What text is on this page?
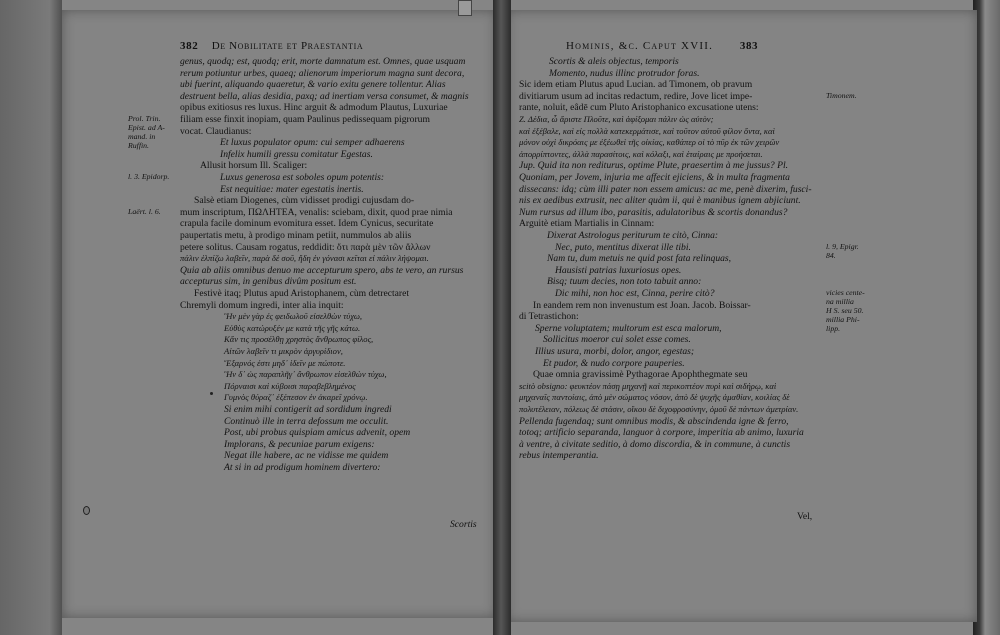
382 De Nobilitate et Praestantia	Hominis, &c. Caput XVII. 383
genus, quodq; est, quodq; erit, morte damnatum est. Omnes, quae usquam
rerum potiuntur urbes, quaeq; alienorum imperiorum magna sunt decora,
ubi fuerint, aliquando quaeretur, & vario exitu genere tollentur. Alias
destruent bella, alias desidia, paxq; ad inertiam versa consumet, & magnis
opibus exitiosus res luxus. Hinc arguit & admodum Plautus, Luxuriae
filiam esse finxit inopiam, quam Paulinus pedissequam pigrorum
vocat. Claudianus:
Et luxus populator opum: cui semper adhaerens
Infelix humili gressu comitatur Egestas.
Allusit horsum Ill. Scaliger:
Luxus generosa est soboles opum potentis:
Est nequitiae: mater egestatis inertis.
Salsè etiam Diogenes, cùm vidisset prodigi cujusdam do-
mum inscriptum, ΠΩΛΗΤΕΑ, venalis: sciebam, dixit, quod prae nimia
crapula facile dominum evomitura esset. Idem Cynicus, securitate
paupertatis metu, à prodigo minam petiit, nummulos ab aliis
petere solitus. Causam rogatus, reddidit: ὅτι παρὰ μὲν τῶν ἄλλων
πάλιν ἐλπίζω λαβεῖν, παρὰ δὲ σοῦ, ἤδη ἐν γόνασι κεῖται εἰ πάλιν λήψομαι.
Quia ab aliis omnibus denuo me accepturum spero, abs te vero, an rursus
accepturus sim, in genibus divûm positum est.
Festivè itaq; Plutus apud Aristophanem, cùm detrectaret
Chremyli domum ingredi, inter alia inquit:
Ἢν μὲν γὰρ ἐς φειδωλοῦ εἰσελθὼν τύχω,
Εὐθὺς κατώρυξέν με κατὰ τῆς γῆς κάτω.
Κἄν τις προσέλθῃ χρηστὸς ἄνθρωπος φίλος,
Αἰτῶν λαβεῖν τι μικρὸν ἀργυρίδιον,
Ἔξαρνός ἐστι μηδ᾽ ἰδεῖν με πώποτε.
Ἢν δ᾽ ὡς παραπλῆγ᾽ ἄνθρωπον εἰσελθὼν τύχω,
Πόρναισι καὶ κύβοισι παραβεβλημένος
Γυμνὸς θύραζ᾽ ἐξέπεσον ἐν ἀκαρεῖ χρόνῳ.
Si enim mihi contigerit ad sordidum ingredi
Continuò ille in terra defossum me occulit.
Post, ubi probus quispiam amicus advenit, opem
Implorans, & pecuniae parum exigens:
Negat ille habere, ac ne vidisse me quidem
At si in ad prodigum hominem divertero:
Scortis & aleis objectus, temporis
Momento, nudus illinc protrudor foras.
Sic idem etiam Plutus apud Lucian. ad Timonem, ob pravum
divitiarum usum ad incitas redactum, redire, Jove licet impe-
rante, noluit, eâdē cum Pluto Aristophanico excusatione utens:
Ζ. Δέδια, ὦ ἄριστε Πλοῦτε, καὶ ἀφίξομαι πάλιν ὡς αὐτὸν;
καὶ ἐξέβαλε, καὶ εἰς πολλὰ κατεκερμάτισε, καὶ τοῦτον αὐτοῦ φίλον ὄντα, καὶ
μόνον οὐχὶ δικρόαις με ἐξέωθεὶ τῆς οἰκίας, καθάπερ οἱ τὸ πῦρ ἐκ τῶν χειρῶν
ἀπορρίπτοντες, ἀλλὰ παρασίτοις, καὶ κόλαξι, καὶ ἑταίραις με προήσεται.
Jup. Quid ita non rediturus, optime Plute, praesertim à me jussus? Pl.
Quoniam, per Jovem, injuria me affecit ejiciens, & in multa fragmenta
dissecans: idq; cùm illi pater non essem amicus: ac me, penè dixerim, fusci-
nis ex aedibus extrusit, nec aliter quàm ii, qui è manibus ignem abjiciunt.
Num rursus ad illum ibo, parasitis, adulatoribus & scortis donandus?
Arguitè etiam Martialis in Cinnam:
Dixerat Astrologus periturum te citò, Cinna:
Nec, puto, mentitus dixerat ille tibi.
Nam tu, dum metuis ne quid post fata relinquas,
Hausisti patrias luxuriosus opes.
Bisq; tuum decies, non toto tabuit anno:
Dic mihi, non hoc est, Cinna, perire citò?
In eandem rem non invenustum est Joan. Jacob. Boissar-
di Tetrastichon:
Sperne voluptatem; multorum est esca malorum,
Sollicitus moeror cui solet esse comes.
Illius usura, morbi, dolor, angor, egestas;
Et pudor, & nudo corpore pauperies.
Quae omnia gravissimè Pythagorae Apophthegmate seu
scitò obsigno: φευκτέον πάσῃ μηχανῇ καὶ περικοπτέον πυρὶ καὶ σιδήρῳ, καὶ
μηχαναῖς παντοίαις, ἀπὸ μὲν σώματος νόσον, ἀπὸ δὲ ψυχῆς ἀμαθίαν, κοιλίας δὲ
πολυτέλειαν, πόλεως δὲ στάσιν, οἴκου δὲ διχοφροσύνην, ὁμοῦ δὲ πάντων ἀμετρίαν.
Pellenda fugendaq; sunt omnibus modis, & abscindenda igne & ferro,
totoq; artificio separanda, languor à corpore, imperitia ab animo, luxuria
à ventre, à civitate seditio, à domo discordia, & in commune, à cunctis
rebus intemperantia.
Scortis
Vel,
Prol. Trin.
Epist. ad A-
mand. in
Ruffin.
l. 3. Epidorp.
Laërt. l. 6.
Timonem.
l. 9, Epigr.
84.
vicies cente-
na millia
H S. seu 50.
millia Phi-
lipp.
